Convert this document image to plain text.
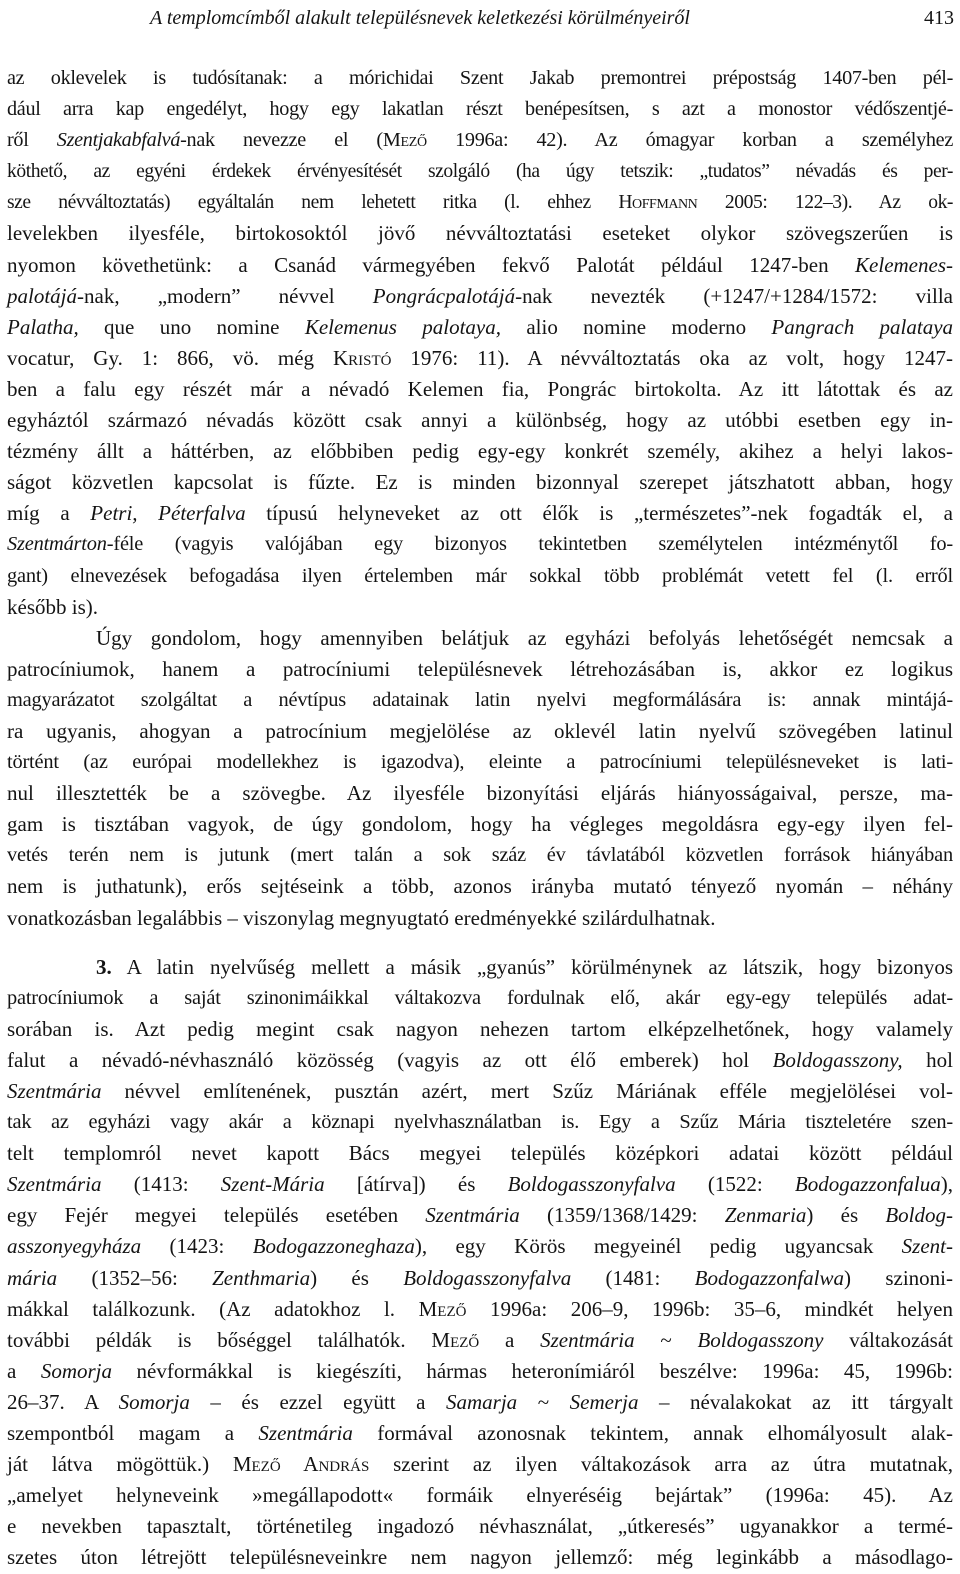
A templomcímből alakult településnevek keletkezési körülményeiről	413
az oklevelek is tudósítanak: a mórichidai Szent Jakab premontrei prépostság 1407-ben pél-
dául arra kap engedélyt, hogy egy lakatlan részt benépesítsen, s azt a monostor védőszentjé-
ről Szentjakabfalvá-nak nevezze el (Mező 1996a: 42). Az ómagyar korban a személyhez
köthető, az egyéni érdekek érvényesítését szolgáló (ha úgy tetszik: „tudatos” névadás és per-
sze névváltoztatás) egyáltalán nem lehetett ritka (l. ehhez Hoffmann 2005: 122–3). Az ok-
levelekben ilyesféle, birtokosoktól jövő névváltoztatási eseteket olykor szövegszerűen is
nyomon követhetünk: a Csanád vármegyében fekvő Palotát például 1247-ben Kelemenes-
palotájá-nak, „modern” névvel Pongrácpalotájá-nak nevezték (+1247/+1284/1572: villa
Palatha, que uno nomine Kelemenus palotaya, alio nomine moderno Pangrach palataya
vocatur, Gy. 1: 866, vö. még Kristó 1976: 11). A névváltoztatás oka az volt, hogy 1247-
ben a falu egy részét már a névadó Kelemen fia, Pongrác birtokolta. Az itt látottak és az
egyháztól származó névadás között csak annyi a különbség, hogy az utóbbi esetben egy in-
tézmény állt a háttérben, az előbbiben pedig egy-egy konkrét személy, akihez a helyi lakos-
ságot közvetlen kapcsolat is fűzte. Ez is minden bizonnyal szerepet játszhatott abban, hogy
míg a Petri, Péterfalva típusú helyneveket az ott élők is „természetes”-nek fogadták el, a
Szentmárton-féle (vagyis valójában egy bizonyos tekintetben személytelen intézménytől fo-
gant) elnevezések befogadása ilyen értelemben már sokkal több problémát vetett fel (l. erről
később is).
Úgy gondolom, hogy amennyiben belátjuk az egyházi befolyás lehetőségét nemcsak a
patrocíniumok, hanem a patrocíniumi településnevek létrehozásában is, akkor ez logikus
magyarázatot szolgáltat a névtípus adatainak latin nyelvi megformálására is: annak mintájá-
ra ugyanis, ahogyan a patrocínium megjelölése az oklevél latin nyelvű szövegében latinul
történt (az európai modellekhez is igazodva), eleinte a patrocíniumi településneveket is lati-
nul illesztették be a szövegbe. Az ilyesféle bizonyítási eljárás hiányosságaival, persze, ma-
gam is tisztában vagyok, de úgy gondolom, hogy ha végleges megoldásra egy-egy ilyen fel-
vetés terén nem is jutunk (mert talán a sok száz év távlatából közvetlen források hiányában
nem is juthatunk), erős sejtéseink a több, azonos irányba mutató tényező nyomán – néhány
vonatkozásban legalábbis – viszonylag megnyugtató eredményekké szilárdulhatnak.
3. A latin nyelvűség mellett a másik „gyanús” körülménynek az látszik, hogy bizonyos
patrocíniumok a saját szinonimáikkal váltakozva fordulnak elő, akár egy-egy település adat-
sorában is. Azt pedig megint csak nagyon nehezen tartom elképzelhetőnek, hogy valamely
falut a névadó-névhasználó közösség (vagyis az ott élő emberek) hol Boldogasszony, hol
Szentmária névvel említenének, pusztán azért, mert Szűz Máriának efféle megjelölései vol-
tak az egyházi vagy akár a köznapi nyelvhasználatban is. Egy a Szűz Mária tiszteletére szen-
telt templomról nevet kapott Bács megyei település középkori adatai között például
Szentmária (1413: Szent-Mária [átírva]) és Boldogasszonyfalva (1522: Bodogazzonfalua),
egy Fejér megyei település esetében Szentmária (1359/1368/1429: Zenmaria) és Boldog-
asszonyegyháza (1423: Bodogazzoneghaza), egy Körös megyeinél pedig ugyancsak Szent-
mária (1352–56: Zenthmaria) és Boldogasszonyfalva (1481: Bodogazzonfalwa) szinoni-
mákkal találkozunk. (Az adatokhoz l. Mező 1996a: 206–9, 1996b: 35–6, mindkét helyen
további példák is bőséggel találhatók. Mező a Szentmária ~ Boldogasszony váltakozását
a Somorja névformákkal is kiegészíti, hármas heteronímiáról beszélve: 1996a: 45, 1996b:
26–37. A Somorja – és ezzel együtt a Samarja ~ Semerja – névalakokat az itt tárgyalt
szempontból magam a Szentmária formával azonosnak tekintem, annak elhomályosult alak-
ját látva mögöttük.) Mező András szerint az ilyen váltakozások arra az útra mutatnak,
„amelyet helyneveink »megállapodott« formáik elnyeréséig bejártak” (1996a: 45). Az
e nevekben tapasztalt, történetileg ingadozó névhasználat, „útkeresés” ugyanakkor a termé-
szetes úton létrejött településneveinkre nem nagyon jellemző: még leginkább a másodlago-
